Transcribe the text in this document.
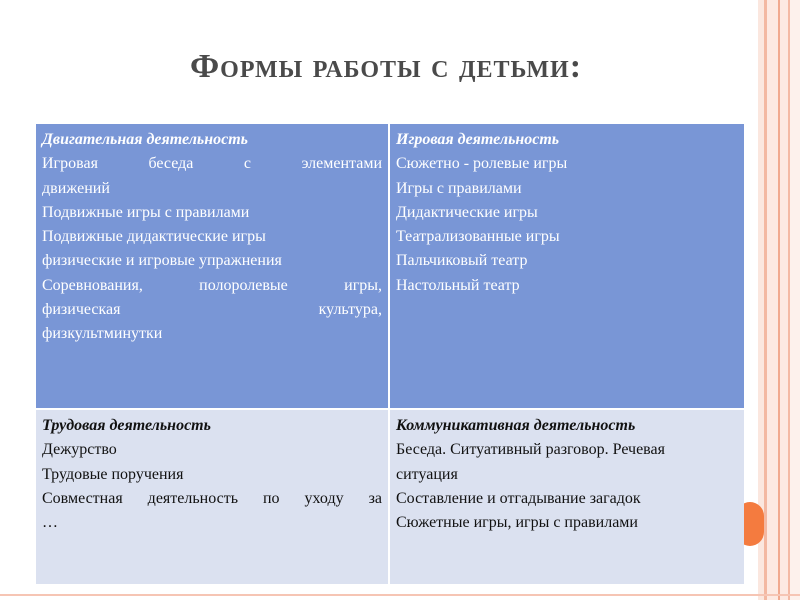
Формы работы с детьми:
Двигательная деятельность
Игровая беседа с элементами
движений
Подвижные игры с правилами
Подвижные дидактические игры
физические и игровые упражнения
Соревнования, полоролевые игры,
физическая культура,
физкультминутки
Игровая деятельность
Сюжетно - ролевые игры
Игры с правилами
Дидактические игры
Театрализованные игры
Пальчиковый театр
Настольный театр
Трудовая деятельность
Дежурство
Трудовые поручения
Совместная деятельность по уходу за
…
Коммуникативная деятельность
Беседа. Ситуативный разговор. Речевая
ситуация
Составление и отгадывание загадок
Сюжетные игры, игры с правилами
